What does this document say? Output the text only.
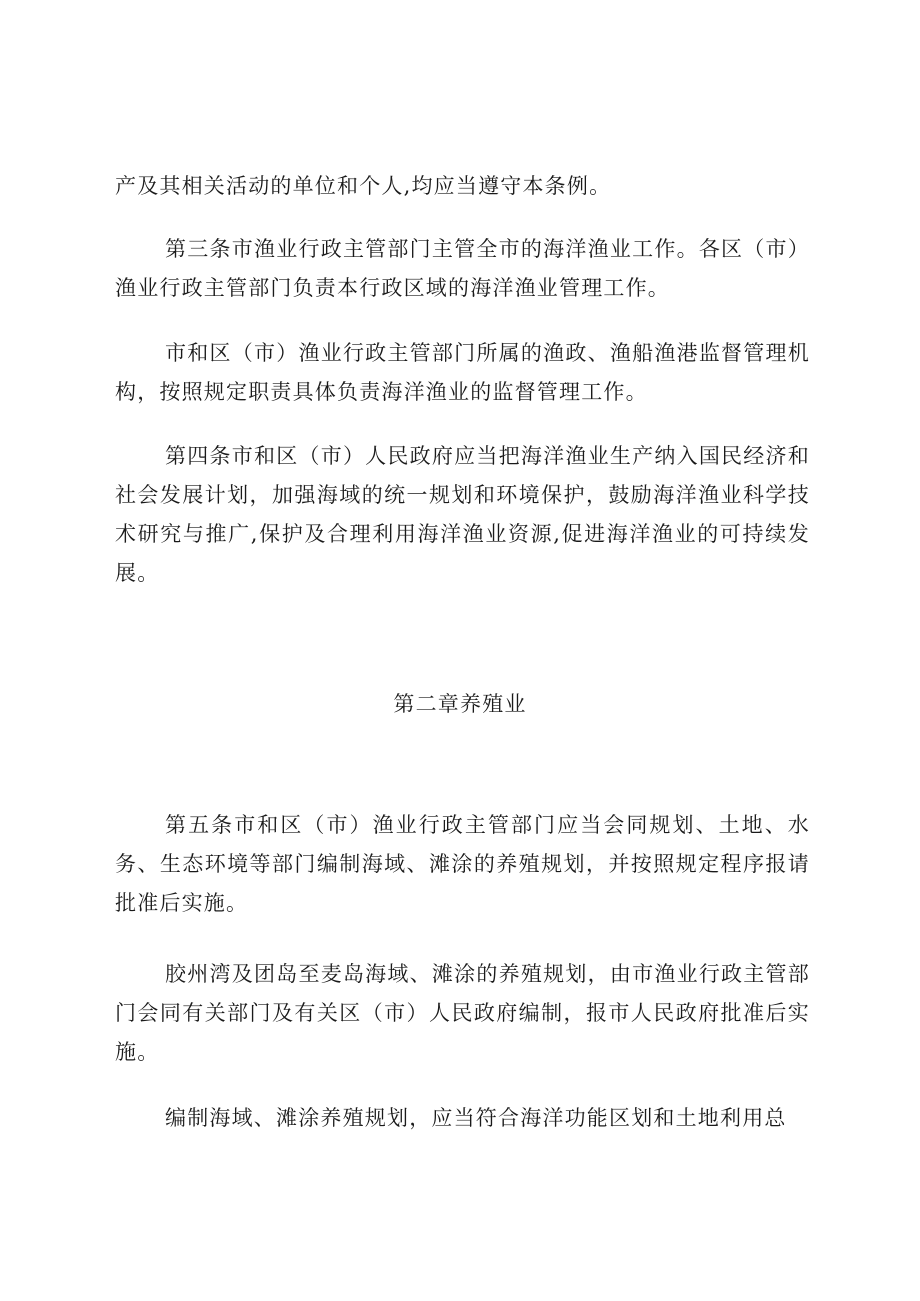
产及其相关活动的单位和个人,均应当遵守本条例。

第三条市渔业行政主管部门主管全市的海洋渔业工作。各区（市）渔业行政主管部门负责本行政区域的海洋渔业管理工作。

市和区（市）渔业行政主管部门所属的渔政、渔船渔港监督管理机构，按照规定职责具体负责海洋渔业的监督管理工作。

第四条市和区（市）人民政府应当把海洋渔业生产纳入国民经济和社会发展计划，加强海域的统一规划和环境保护，鼓励海洋渔业科学技术研究与推广,保护及合理利用海洋渔业资源,促进海洋渔业的可持续发展。

第二章养殖业

第五条市和区（市）渔业行政主管部门应当会同规划、土地、水务、生态环境等部门编制海域、滩涂的养殖规划，并按照规定程序报请批准后实施。

胶州湾及团岛至麦岛海域、滩涂的养殖规划，由市渔业行政主管部门会同有关部门及有关区（市）人民政府编制，报市人民政府批准后实施。

编制海域、滩涂养殖规划，应当符合海洋功能区划和土地利用总
